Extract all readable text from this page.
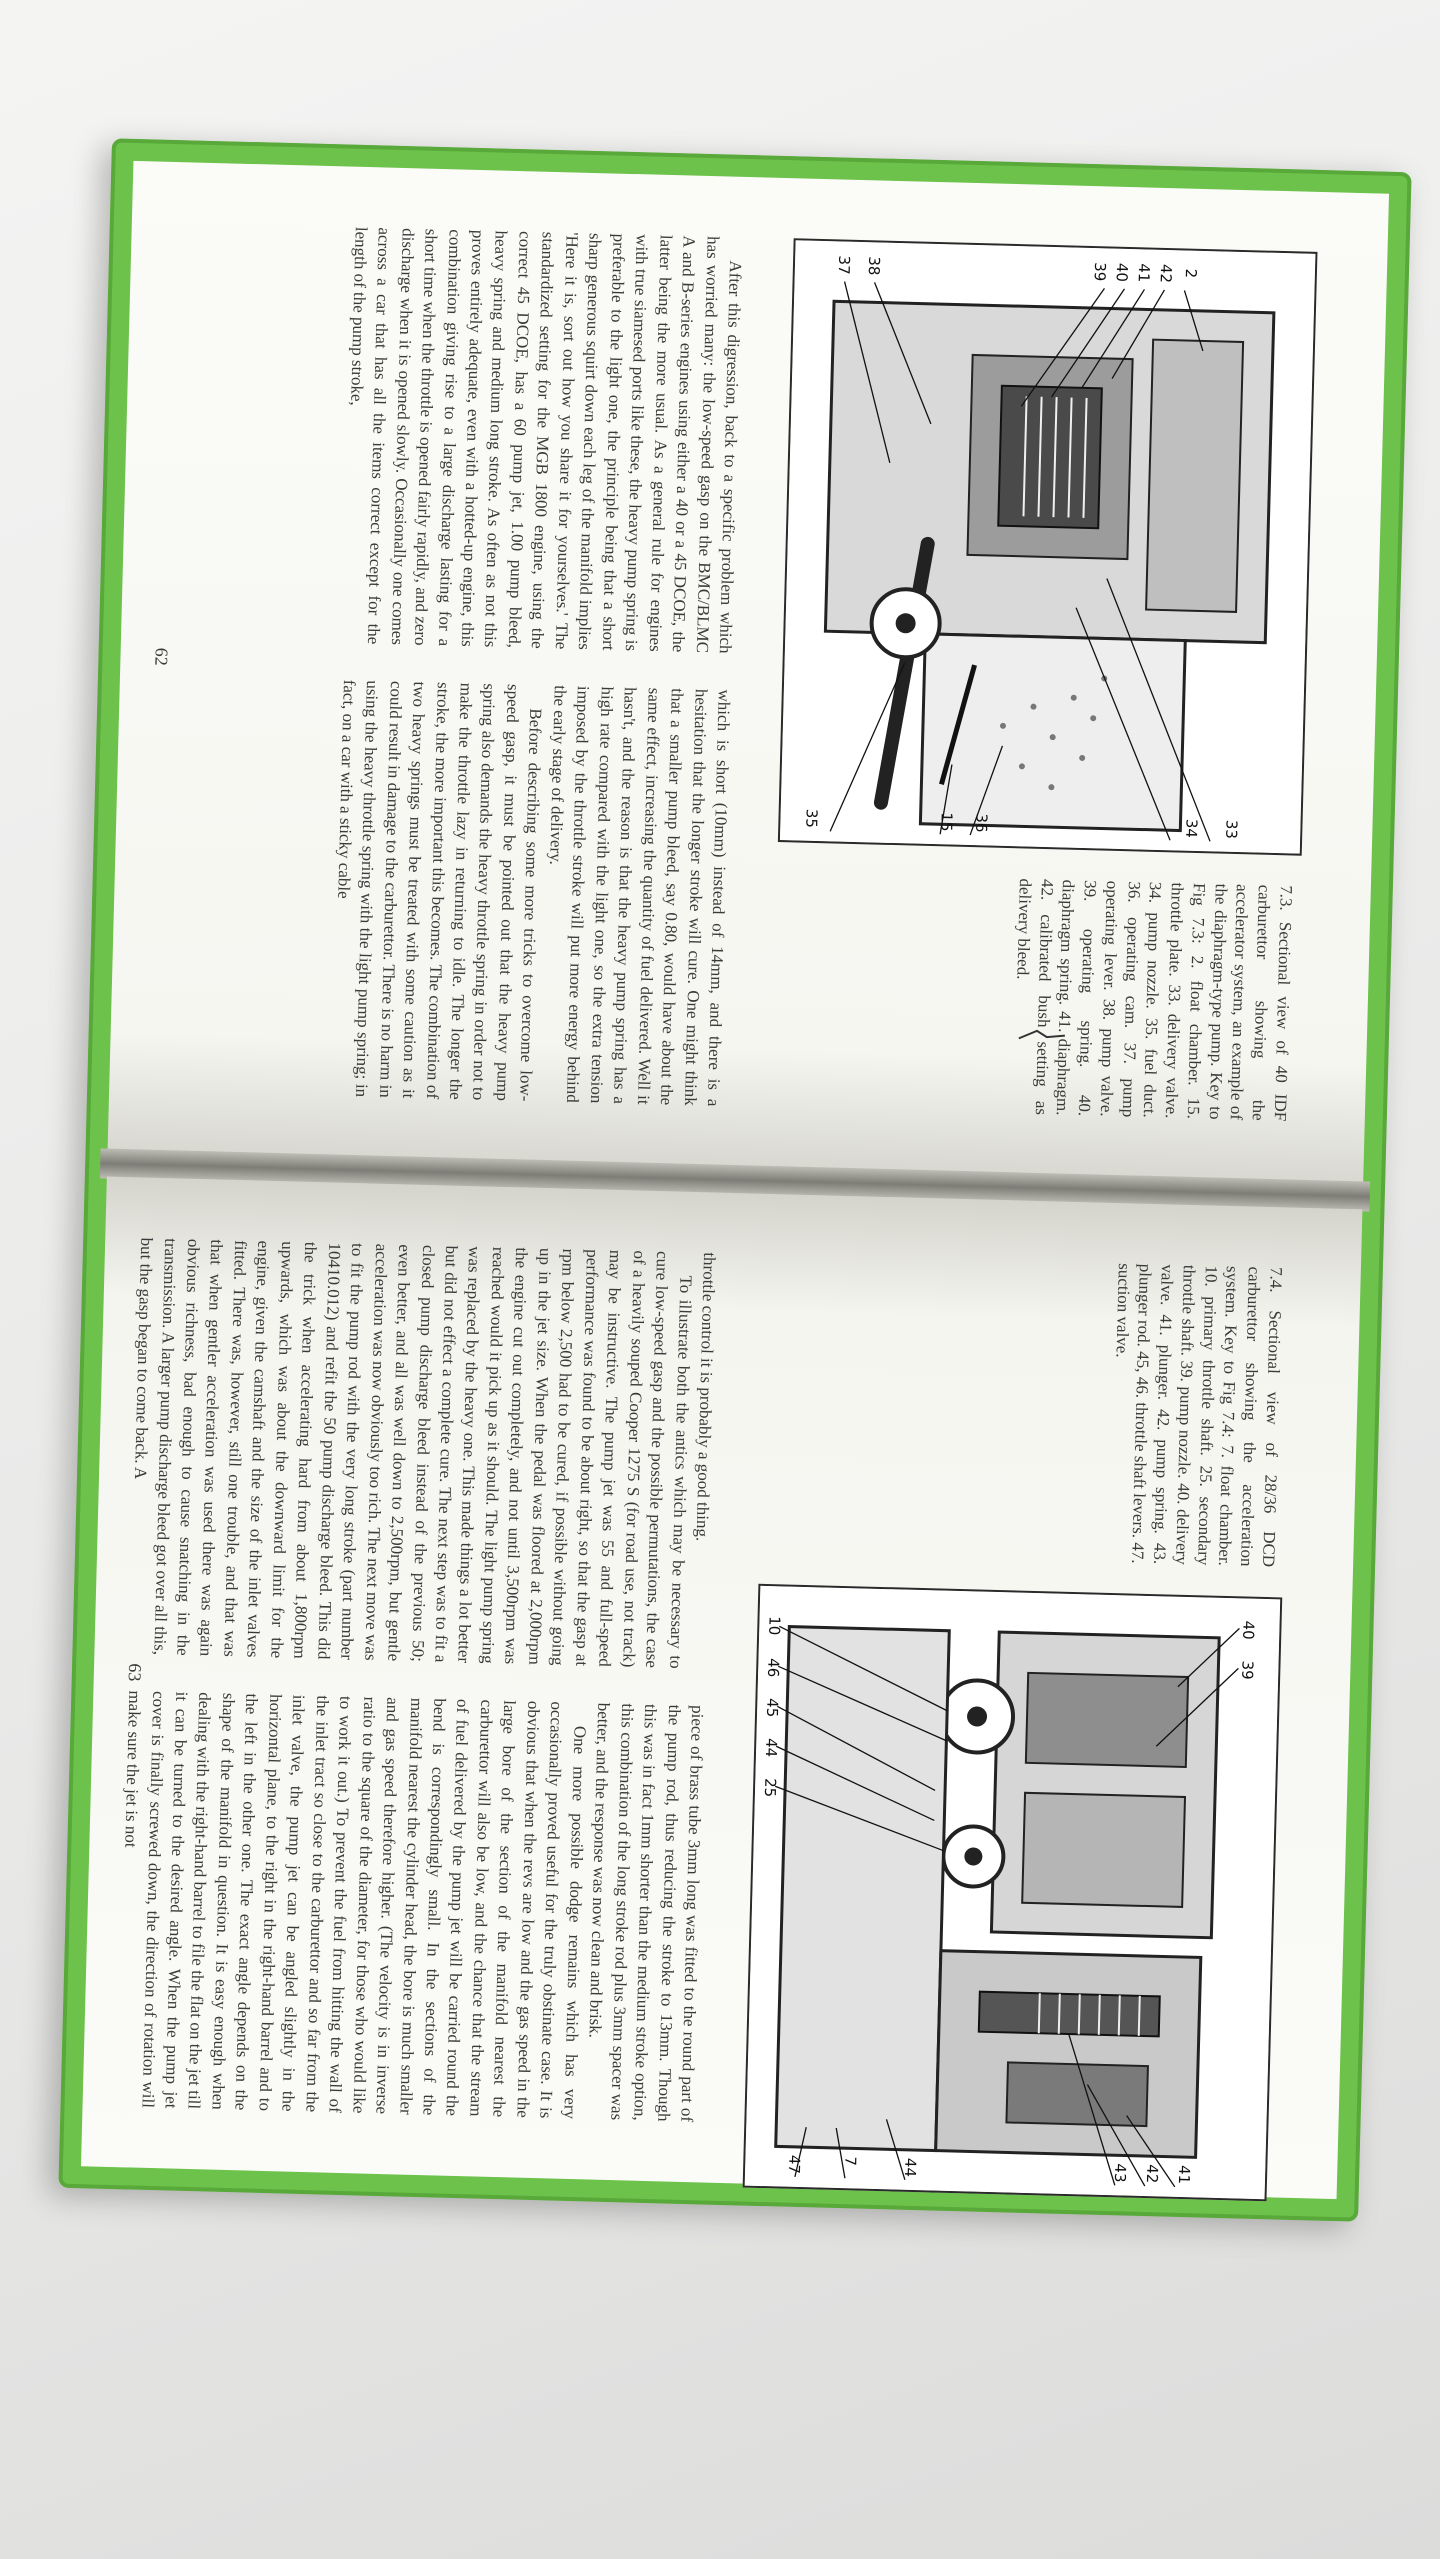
2
42
41
40
39
38
37
33
34
36
15
35
7.3. Sectional view of 40 IDF carburettor showing the accelerator system, an example of the diaphragm-type pump. Key to Fig 7.3: 2. float chamber. 15. throttle plate. 33. delivery valve. 34. pump nozzle. 35. fuel duct. 36. operating cam. 37. pump operating lever. 38. pump valve. 39. operating spring. 40. diaphragm spring. 41. diaphragm. 42. calibrated bush setting as delivery bleed.

After this digression, back to a specific problem which has worried many: the low-speed gasp on the BMC/BLMC A and B-series engines using either a 40 or a 45 DCOE, the latter being the more usual. As a general rule for engines with true siamesed ports like these, the heavy pump spring is preferable to the light one, the principle being that a short sharp generous squirt down each leg of the manifold implies 'Here it is, sort out how you share it for yourselves.' The standardized setting for the MGB 1800 engine, using the correct 45 DCOE, has a 60 pump jet, 1.00 pump bleed, heavy spring and medium long stroke. As often as not this proves entirely adequate, even with a hotted-up engine, this combination giving rise to a large discharge lasting for a short time when the throttle is opened fairly rapidly, and zero discharge when it is opened slowly. Occasionally one comes across a car that has all the items correct except for the length of the pump stroke,

which is short (10mm) instead of 14mm, and there is a hesitation that the longer stroke will cure. One might think that a smaller pump bleed, say 0.80, would have about the same effect, increasing the quantity of fuel delivered. Well it hasn't, and the reason is that the heavy pump spring has a high rate compared with the light one, so the extra tension imposed by the throttle stroke will put more energy behind the early stage of delivery.

Before describing some more tricks to overcome low-speed gasp, it must be pointed out that the heavy pump spring also demands the heavy throttle spring in order not to make the throttle lazy in returning to idle. The longer the stroke, the more important this becomes. The combination of two heavy springs must be treated with some caution as it could result in damage to the carburettor. There is no harm in using the heavy throttle spring with the light pump spring; in fact, on a car with a sticky cable

62
7.4. Sectional view of 28/36 DCD carburettor showing the acceleration system. Key to Fig 7.4: 7. float chamber. 10. primary throttle shaft. 25. secondary throttle shaft. 39. pump nozzle. 40. delivery valve. 41. plunger. 42. pump spring. 43. plunger rod. 45, 46. throttle shaft levers. 47. suction valve.
40
39
10
46
45
44
25
41
42
43
44
7
47

throttle control it is probably a good thing.

To illustrate both the antics which may be necessary to cure low-speed gasp and the possible permutations, the case of a heavily souped Cooper 1275 S (for road use, not track) may be instructive. The pump jet was 55 and full-speed performance was found to be about right, so that the gasp at rpm below 2,500 had to be cured, if possible without going up in the jet size. When the pedal was floored at 2,000rpm the engine cut out completely, and not until 3,500rpm was reached would it pick up as it should. The light pump spring was replaced by the heavy one. This made things a lot better but did not effect a complete cure. The next step was to fit a closed pump discharge bleed instead of the previous 50; even better, and all was well down to 2,500rpm, but gentle acceleration was now obviously too rich. The next move was to fit the pump rod with the very long stroke (part number 10410.012) and refit the 50 pump discharge bleed. This did the trick when accelerating hard from about 1,800rpm upwards, which was about the downward limit for the engine, given the camshaft and the size of the inlet valves fitted. There was, however, still one trouble, and that was that when gentler acceleration was used there was again obvious richness, bad enough to cause snatching in the transmission. A larger pump discharge bleed got over all this, but the gasp began to come back. A

piece of brass tube 3mm long was fitted to the round part of the pump rod, thus reducing the stroke to 13mm. Though this was in fact 1mm shorter than the medium stroke option, this combination of the long stroke rod plus 3mm spacer was better, and the response was now clean and brisk.

One more possible dodge remains which has very occasionally proved useful for the truly obstinate case. It is obvious that when the revs are low and the gas speed in the large bore of the section of the manifold nearest the carburettor will also be low, and the chance that the stream of fuel delivered by the pump jet will be carried round the bend is correspondingly small. In the sections of the manifold nearest the cylinder head, the bore is much smaller and gas speed therefore higher. (The velocity is in inverse ratio to the square of the diameter, for those who would like to work it out.) To prevent the fuel from hitting the wall of the inlet tract so close to the carburettor and so far from the inlet valve, the pump jet can be angled slightly in the horizontal plane, to the right in the right-hand barrel and to the left in the other one. The exact angle depends on the shape of the manifold in question. It is easy enough when dealing with the right-hand barrel to file the flat on the jet till it can be turned to the desired angle. When the pump jet cover is finally screwed down, the direction of rotation will make sure the jet is not

63
